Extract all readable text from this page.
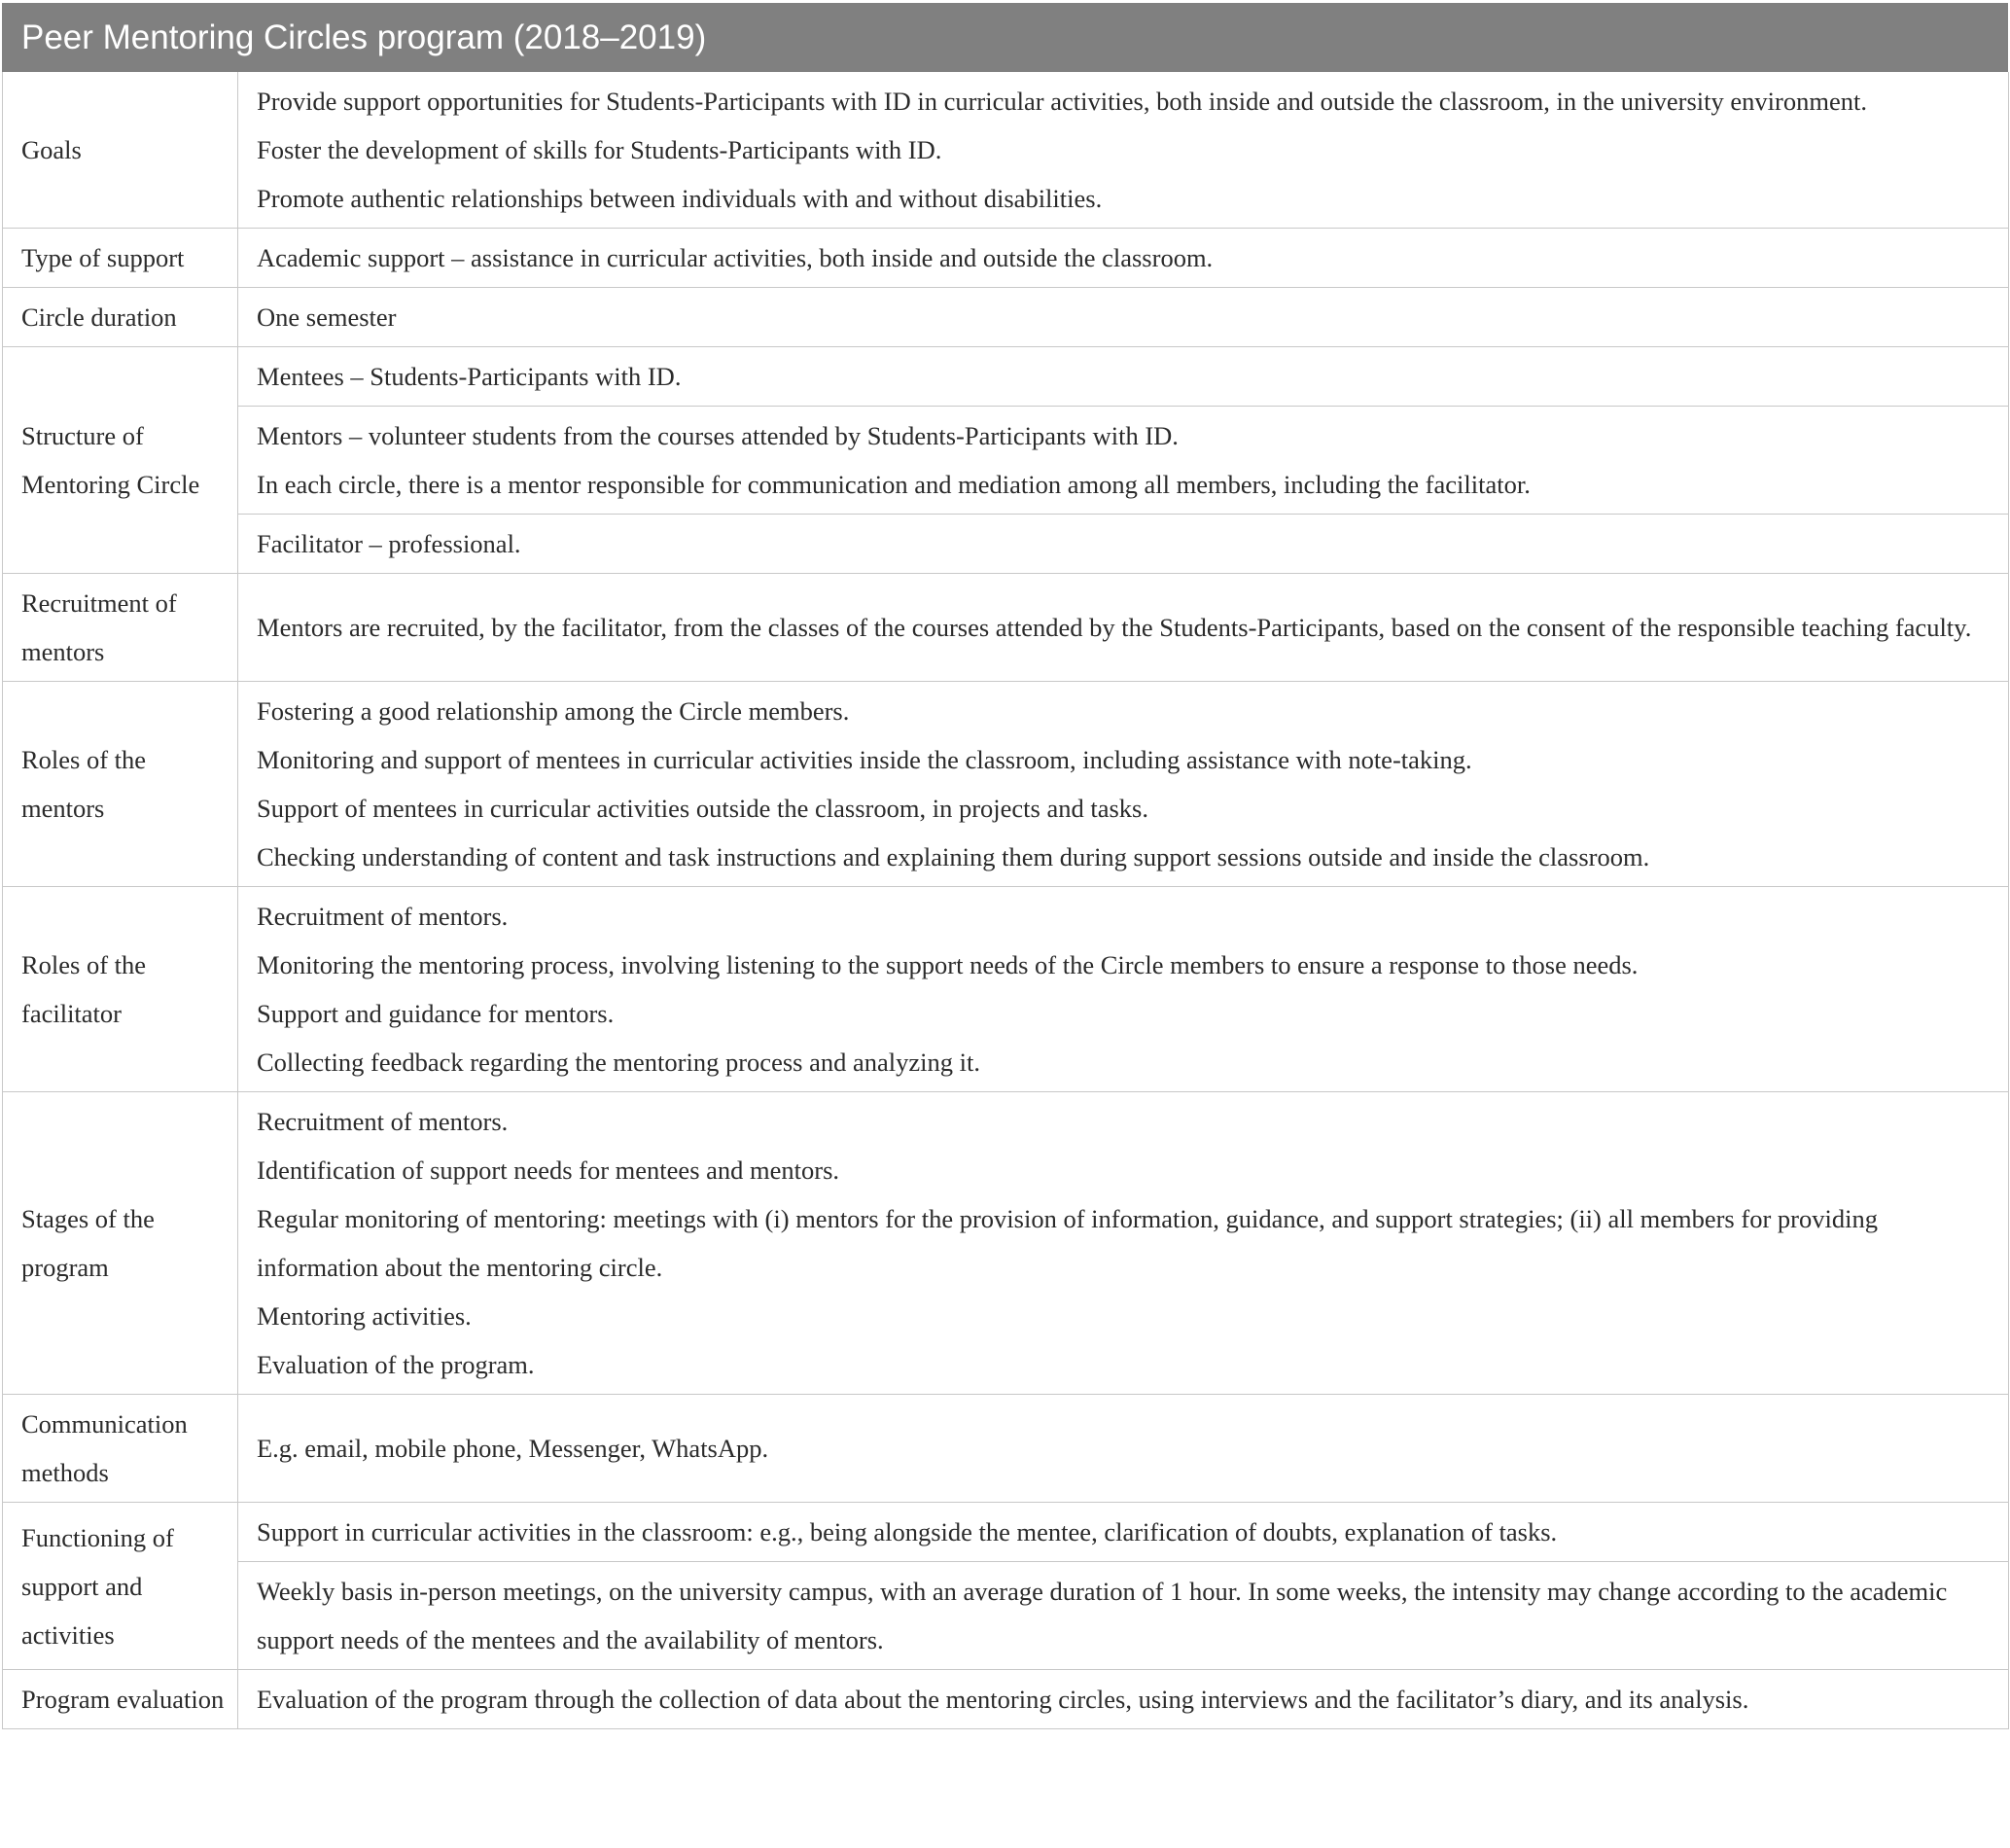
Peer Mentoring Circles program (2018–2019)
Goals	Provide support opportunities for Students-Participants with ID in curricular activities, both inside and outside the classroom, in the university environment.
Foster the development of skills for Students-Participants with ID.
Promote authentic relationships between individuals with and without disabilities.

Type of support	Academic support – assistance in curricular activities, both inside and outside the classroom.

Circle duration	One semester

Structure of Mentoring Circle	Mentees – Students-Participants with ID.

	Mentors – volunteer students from the courses attended by Students-Participants with ID.
In each circle, there is a mentor responsible for communication and mediation among all members, including the facilitator.

	Facilitator – professional.

Recruitment of mentors	Mentors are recruited, by the facilitator, from the classes of the courses attended by the Students-Participants, based on the consent of the responsible teaching faculty.

Roles of the mentors	Fostering a good relationship among the Circle members.
Monitoring and support of mentees in curricular activities inside the classroom, including assistance with note-taking.
Support of mentees in curricular activities outside the classroom, in projects and tasks.
Checking understanding of content and task instructions and explaining them during support sessions outside and inside the classroom.

Roles of the facilitator	Recruitment of mentors.
Monitoring the mentoring process, involving listening to the support needs of the Circle members to ensure a response to those needs.
Support and guidance for mentors.
Collecting feedback regarding the mentoring process and analyzing it.

Stages of the program	Recruitment of mentors.
Identification of support needs for mentees and mentors.
Regular monitoring of mentoring: meetings with (i) mentors for the provision of information, guidance, and support strategies; (ii) all members for providing information about the mentoring circle.
Mentoring activities.
Evaluation of the program.

Communication methods	E.g. email, mobile phone, Messenger, WhatsApp.

Functioning of support and activities	Support in curricular activities in the classroom: e.g., being alongside the mentee, clarification of doubts, explanation of tasks.

	Weekly basis in-person meetings, on the university campus, with an average duration of 1 hour. In some weeks, the intensity may change according to the academic support needs of the mentees and the availability of mentors.

Program evaluation	Evaluation of the program through the collection of data about the mentoring circles, using interviews and the facilitator’s diary, and its analysis.
